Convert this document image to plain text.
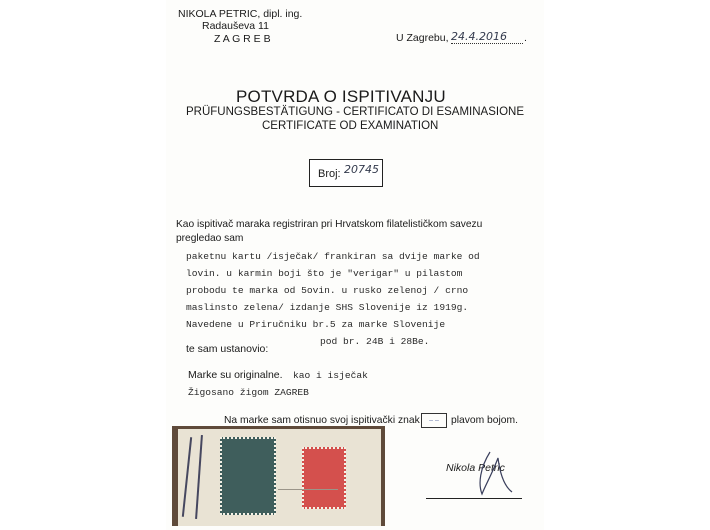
NIKOLA PETRIC, dipl. ing.
Radauševa 11
Z A G R E B	U Zagrebu, 24.4.2016	.
POTVRDA O ISPITIVANJU
PRÜFUNGSBESTÄTIGUNG - CERTIFICATO DI ESAMINASIONE
CERTIFICATE OD EXAMINATION
Broj: 20745
Kao ispitivač maraka registriran pri Hrvatskom filatelističkom savezu
pregledao sam
paketnu kartu /isječak/ frankiran sa dvije marke od
lovin. u karmin boji što je "verigar" u pilastom
probodu te marka od 5ovin. u rusko zelenoj / crno
maslinsto zelena/ izdanje SHS Slovenije iz 1919g.
Navedene u Priručniku br.5 za marke Slovenije
pod br. 24B i 28Be.
te sam ustanovio:
Marke su originalne. kao i isječak
Žigosano žigom ZAGREB
Na marke sam otisnuo svoj ispitivački znak	– –	plavom bojom.
Nikola Petric
